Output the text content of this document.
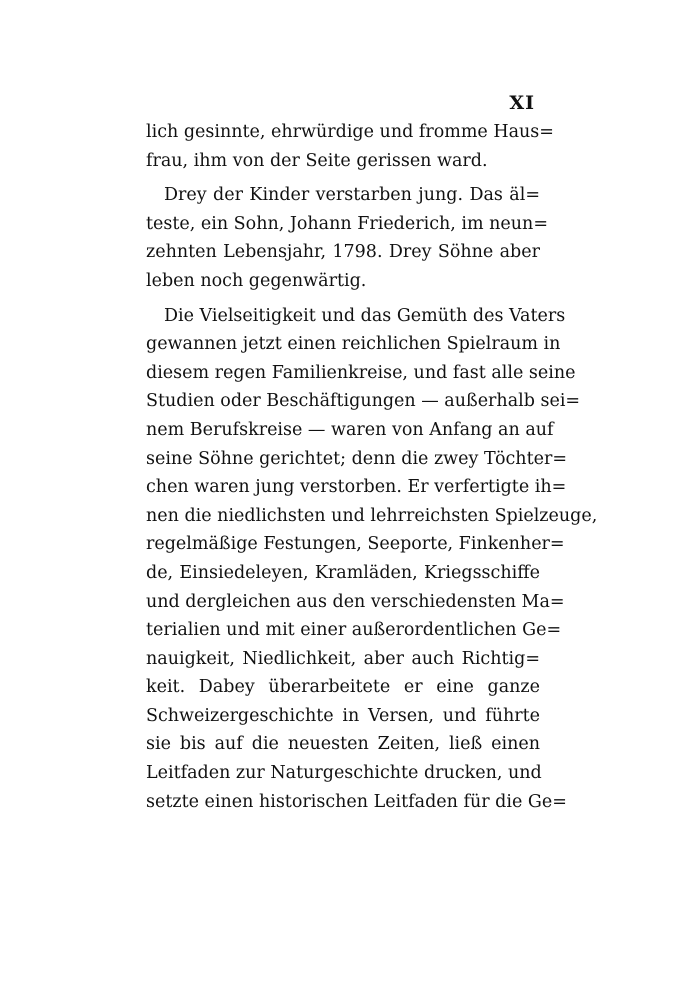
XI
lich gesinnte, ehrwürdige und fromme Haus=
frau, ihm von der Seite gerissen ward.
Drey der Kinder verstarben jung. Das äl=
teste, ein Sohn, Johann Friederich, im neun=
zehnten Lebensjahr, 1798. Drey Söhne aber
leben noch gegenwärtig.
Die Vielseitigkeit und das Gemüth des Vaters
gewannen jetzt einen reichlichen Spielraum in
diesem regen Familienkreise, und fast alle seine
Studien oder Beschäftigungen — außerhalb sei=
nem Berufskreise — waren von Anfang an auf
seine Söhne gerichtet; denn die zwey Töchter=
chen waren jung verstorben. Er verfertigte ih=
nen die niedlichsten und lehrreichsten Spielzeuge,
regelmäßige Festungen, Seeporte, Finkenher=
de, Einsiedeleyen, Kramläden, Kriegsschiffe
und dergleichen aus den verschiedensten Ma=
terialien und mit einer außerordentlichen Ge=
nauigkeit, Niedlichkeit, aber auch Richtig=
keit. Dabey überarbeitete er eine ganze
Schweizergeschichte in Versen, und führte
sie bis auf die neuesten Zeiten, ließ einen
Leitfaden zur Naturgeschichte drucken, und
setzte einen historischen Leitfaden für die Ge=
